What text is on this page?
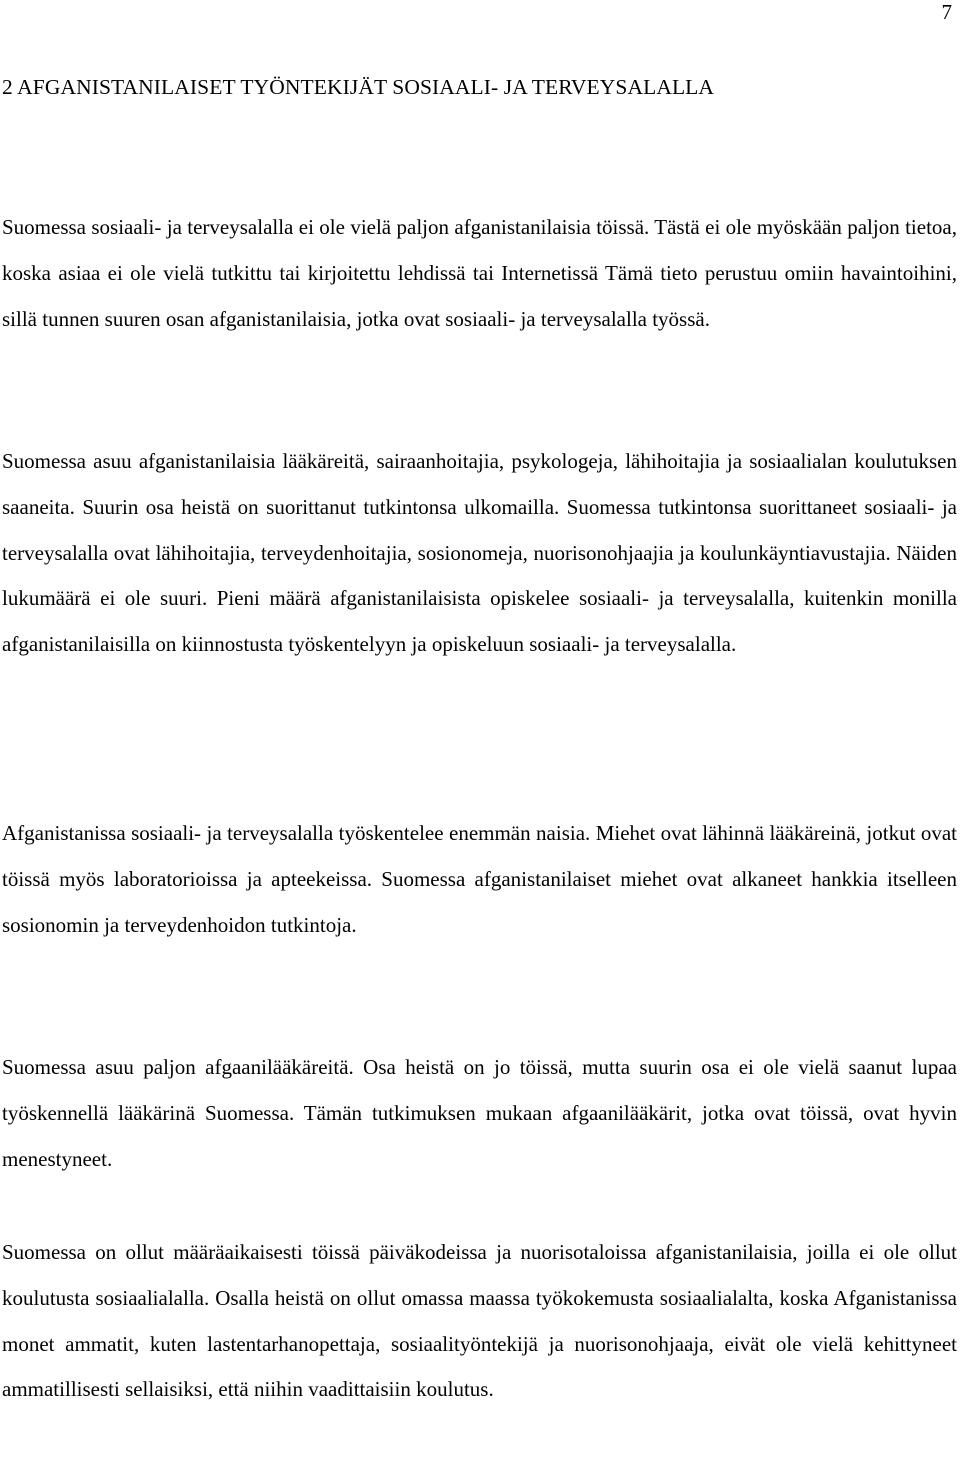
7
2 AFGANISTANILAISET TYÖNTEKIJÄT SOSIAALI- JA TERVEYSALALLA

Suomessa sosiaali- ja terveysalalla ei ole vielä paljon afganistanilaisia töissä. Tästä ei ole myöskään paljon tietoa, koska asiaa ei ole vielä tutkittu tai kirjoitettu lehdissä tai Internetissä Tämä tieto perustuu omiin havaintoihini, sillä tunnen suuren osan afganistanilaisia, jotka ovat sosiaali- ja terveysalalla työssä.

Suomessa asuu afganistanilaisia lääkäreitä, sairaanhoitajia, psykologeja, lähihoitajia ja sosiaalialan koulutuksen saaneita. Suurin osa heistä on suorittanut tutkintonsa ulkomailla. Suomessa tutkintonsa suorittaneet sosiaali- ja terveysalalla ovat lähihoitajia, terveydenhoitajia, sosionomeja, nuorisonohjaajia ja koulunkäyntiavustajia. Näiden lukumäärä ei ole suuri. Pieni määrä afganistanilaisista opiskelee sosiaali- ja terveysalalla, kuitenkin monilla afganistanilaisilla on kiinnostusta työskentelyyn ja opiskeluun sosiaali- ja terveysalalla.

Afganistanissa sosiaali- ja terveysalalla työskentelee enemmän naisia. Miehet ovat lähinnä lääkäreinä, jotkut ovat töissä myös laboratorioissa ja apteekeissa. Suomessa afganistanilaiset miehet ovat alkaneet hankkia itselleen sosionomin ja terveydenhoidon tutkintoja.

Suomessa asuu paljon afgaanilääkäreitä. Osa heistä on jo töissä, mutta suurin osa ei ole vielä saanut lupaa työskennellä lääkärinä Suomessa. Tämän tutkimuksen mukaan afgaanilääkärit, jotka ovat töissä, ovat hyvin menestyneet.

Suomessa on ollut määräaikaisesti töissä päiväkodeissa ja nuorisotaloissa afganistanilaisia, joilla ei ole ollut koulutusta sosiaalialalla. Osalla heistä on ollut omassa maassa työkokemusta sosiaalialalta, koska Afganistanissa monet ammatit, kuten lastentarhanopettaja, sosiaalityöntekijä ja nuorisonohjaaja, eivät ole vielä kehittyneet ammatillisesti sellaisiksi, että niihin vaadittaisiin koulutus.
